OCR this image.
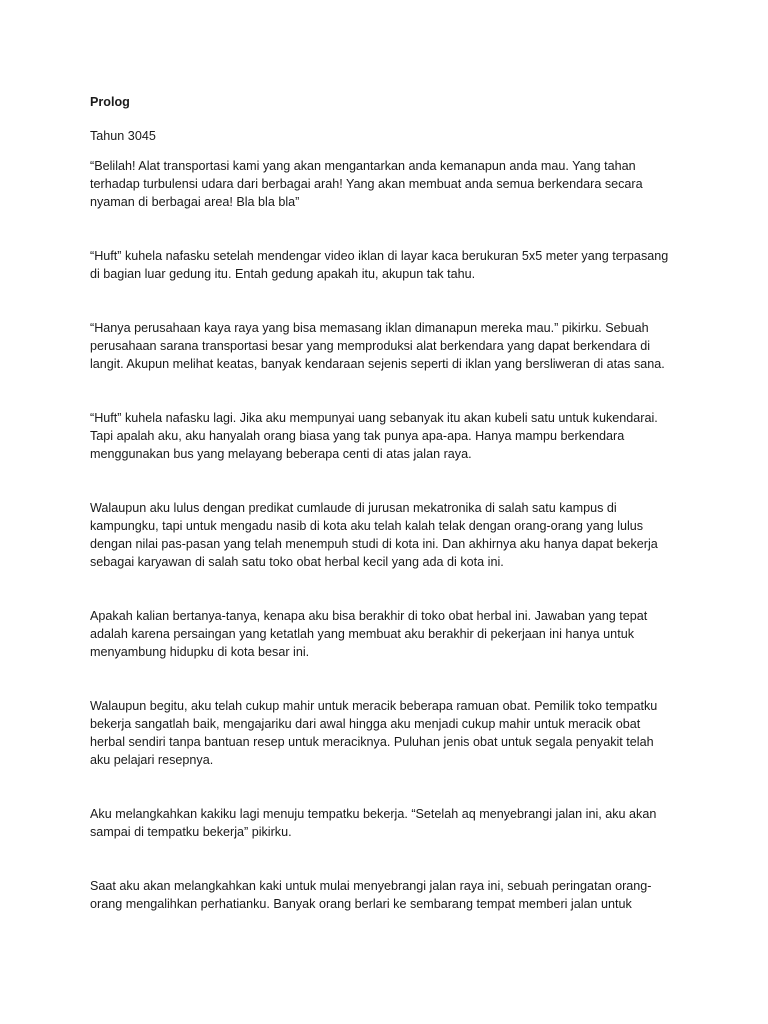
Prolog

Tahun 3045

“Belilah! Alat transportasi kami yang akan mengantarkan anda kemanapun anda mau. Yang tahan
terhadap turbulensi udara dari berbagai arah! Yang akan membuat anda semua berkendara secara
nyaman di berbagai area! Bla bla bla”

“Huft” kuhela nafasku setelah mendengar video iklan di layar kaca berukuran 5x5 meter yang terpasang
di bagian luar gedung itu. Entah gedung apakah itu, akupun tak tahu.

“Hanya perusahaan kaya raya yang bisa memasang iklan dimanapun mereka mau.” pikirku. Sebuah
perusahaan sarana transportasi besar yang memproduksi alat berkendara yang dapat berkendara di
langit. Akupun melihat keatas, banyak kendaraan sejenis seperti di iklan yang bersliweran di atas sana.

“Huft” kuhela nafasku lagi. Jika aku mempunyai uang sebanyak itu akan kubeli satu untuk kukendarai.
Tapi apalah aku, aku hanyalah orang biasa yang tak punya apa-apa. Hanya mampu berkendara
menggunakan bus yang melayang beberapa centi di atas jalan raya.

Walaupun aku lulus dengan predikat cumlaude di jurusan mekatronika di salah satu kampus di
kampungku, tapi untuk mengadu nasib di kota aku telah kalah telak dengan orang-orang yang lulus
dengan nilai pas-pasan yang telah menempuh studi di kota ini. Dan akhirnya aku hanya dapat bekerja
sebagai karyawan di salah satu toko obat herbal kecil yang ada di kota ini.

Apakah kalian bertanya-tanya, kenapa aku bisa berakhir di toko obat herbal ini. Jawaban yang tepat
adalah karena persaingan yang ketatlah yang membuat aku berakhir di pekerjaan ini hanya untuk
menyambung hidupku di kota besar ini.

Walaupun begitu, aku telah cukup mahir untuk meracik beberapa ramuan obat. Pemilik toko tempatku
bekerja sangatlah baik, mengajariku dari awal hingga aku menjadi cukup mahir untuk meracik obat
herbal sendiri tanpa bantuan resep untuk meraciknya. Puluhan jenis obat untuk segala penyakit telah
aku pelajari resepnya.

Aku melangkahkan kakiku lagi menuju tempatku bekerja. “Setelah aq menyebrangi jalan ini, aku akan
sampai di tempatku bekerja” pikirku.

Saat aku akan melangkahkan kaki untuk mulai menyebrangi jalan raya ini, sebuah peringatan orang-
orang mengalihkan perhatianku. Banyak orang berlari ke sembarang tempat memberi jalan untuk
